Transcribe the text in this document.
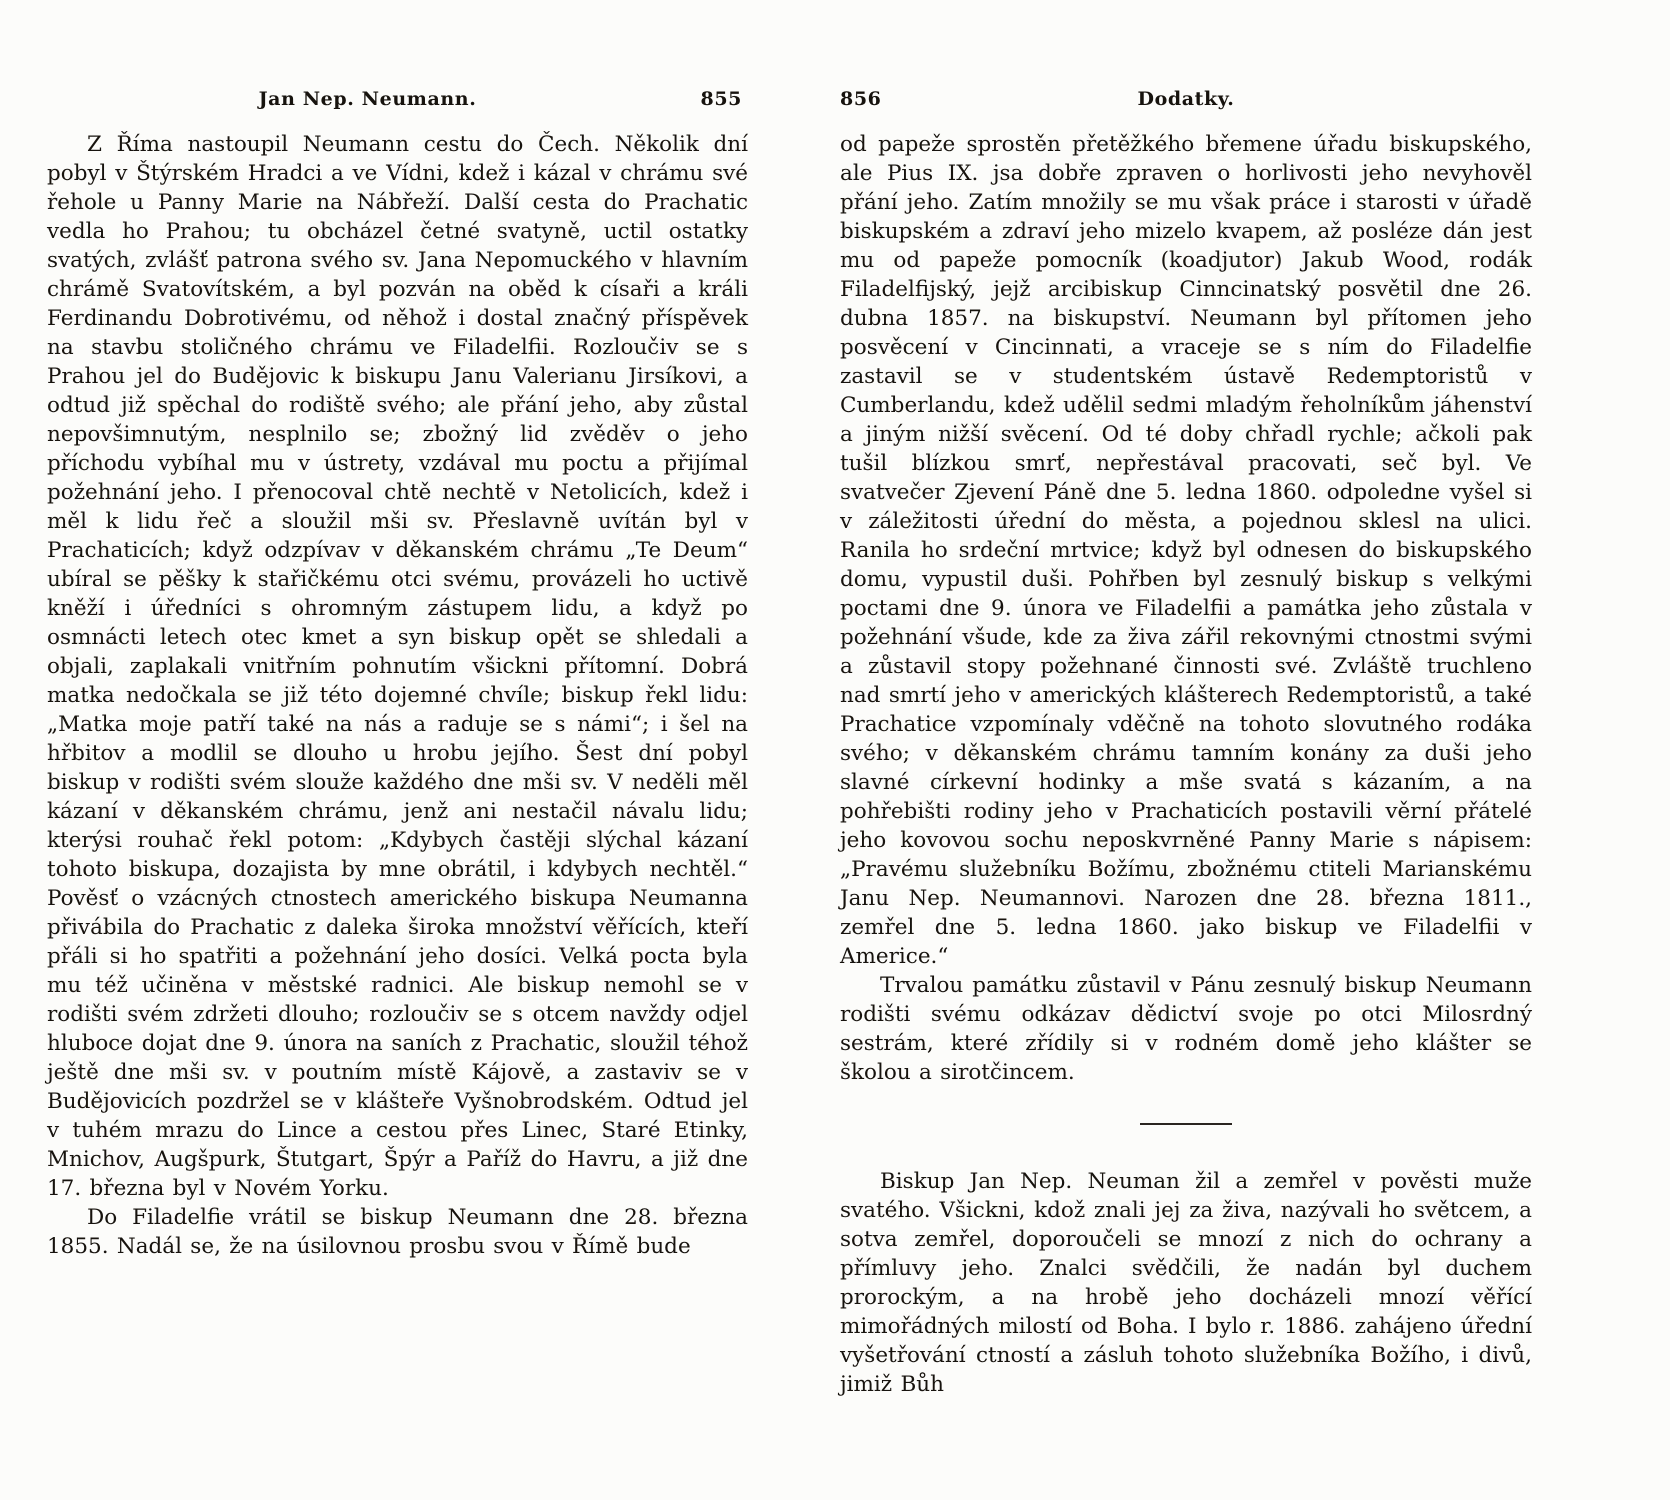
Jan Nep. Neumann.	855

Z Říma nastoupil Neumann cestu do Čech. Několik dní pobyl v Štýrském Hradci a ve Vídni, kdež i kázal v chrámu své řehole u Panny Marie na Nábřeží. Další cesta do Prachatic vedla ho Prahou; tu obcházel četné svatyně, uctil ostatky svatých, zvlášť patrona svého sv. Jana Nepomuckého v hlavním chrámě Svatovítském, a byl pozván na oběd k císaři a králi Ferdinandu Dobrotivému, od něhož i dostal značný příspěvek na stavbu stoličného chrámu ve Filadelfii. Rozloučiv se s Prahou jel do Budějovic k biskupu Janu Valerianu Jirsíkovi, a odtud již spěchal do rodiště svého; ale přání jeho, aby zůstal nepovšimnutým, nesplnilo se; zbožný lid zvěděv o jeho příchodu vybíhal mu v ústrety, vzdával mu poctu a přijímal požehnání jeho. I přenocoval chtě nechtě v Netolicích, kdež i měl k lidu řeč a sloužil mši sv. Přeslavně uvítán byl v Prachaticích; když odzpívav v děkanském chrámu „Te Deum“ ubíral se pěšky k stařičkému otci svému, provázeli ho uctivě kněží i úředníci s ohromným zástupem lidu, a když po osmnácti letech otec kmet a syn biskup opět se shledali a objali, zaplakali vnitřním pohnutím všickni přítomní. Dobrá matka nedočkala se již této dojemné chvíle; biskup řekl lidu: „Matka moje patří také na nás a raduje se s námi“; i šel na hřbitov a modlil se dlouho u hrobu jejího. Šest dní pobyl biskup v rodišti svém slouže každého dne mši sv. V neděli měl kázaní v děkanském chrámu, jenž ani nestačil návalu lidu; kterýsi rouhač řekl potom: „Kdybych častěji slýchal kázaní tohoto biskupa, dozajista by mne obrátil, i kdybych nechtěl.“ Pověsť o vzácných ctnostech amerického biskupa Neumanna přivábila do Prachatic z daleka široka množství věřících, kteří přáli si ho spatřiti a požehnání jeho dosíci. Velká pocta byla mu též učiněna v městské radnici. Ale biskup nemohl se v rodišti svém zdržeti dlouho; rozloučiv se s otcem navždy odjel hluboce dojat dne 9. února na saních z Prachatic, sloužil téhož ještě dne mši sv. v poutním místě Kájově, a zastaviv se v Budějovicích pozdržel se v klášteře Vyšnobrodském. Odtud jel v tuhém mrazu do Lince a cestou přes Linec, Staré Etinky, Mnichov, Augšpurk, Štutgart, Špýr a Paříž do Havru, a již dne 17. března byl v Novém Yorku.

Do Filadelfie vrátil se biskup Neumann dne 28. března 1855. Nadál se, že na úsilovnou prosbu svou v Římě bude

856	Dodatky.

od papeže sprostěn přetěžkého břemene úřadu biskupského, ale Pius IX. jsa dobře zpraven o horlivosti jeho nevyhověl přání jeho. Zatím množily se mu však práce i starosti v úřadě biskupském a zdraví jeho mizelo kvapem, až posléze dán jest mu od papeže pomocník (koadjutor) Jakub Wood, rodák Filadelfijský, jejž arcibiskup Cinncinatský posvětil dne 26. dubna 1857. na biskupství. Neumann byl přítomen jeho posvěcení v Cincinnati, a vraceje se s ním do Filadelfie zastavil se v studentském ústavě Redemptoristů v Cumberlandu, kdež udělil sedmi mladým řeholníkům jáhenství a jiným nižší svěcení. Od té doby chřadl rychle; ačkoli pak tušil blízkou smrť, nepřestával pracovati, seč byl. Ve svatvečer Zjevení Páně dne 5. ledna 1860. odpoledne vyšel si v záležitosti úřední do města, a pojednou sklesl na ulici. Ranila ho srdeční mrtvice; když byl odnesen do biskupského domu, vypustil duši. Pohřben byl zesnulý biskup s velkými poctami dne 9. února ve Filadelfii a památka jeho zůstala v požehnání všude, kde za živa zářil rekovnými ctnostmi svými a zůstavil stopy požehnané činnosti své. Zvláště truchleno nad smrtí jeho v amerických klášterech Redemptoristů, a také Prachatice vzpomínaly vděčně na tohoto slovutného rodáka svého; v děkanském chrámu tamním konány za duši jeho slavné církevní hodinky a mše svatá s kázaním, a na pohřebišti rodiny jeho v Prachaticích postavili věrní přátelé jeho kovovou sochu neposkvrněné Panny Marie s nápisem: „Pravému služebníku Božímu, zbožnému ctiteli Marianskému Janu Nep. Neumannovi. Narozen dne 28. března 1811., zemřel dne 5. ledna 1860. jako biskup ve Filadelfii v Americe.“

Trvalou památku zůstavil v Pánu zesnulý biskup Neumann rodišti svému odkázav dědictví svoje po otci Milosrdný sestrám, které zřídily si v rodném domě jeho klášter se školou a sirotčincem.

Biskup Jan Nep. Neuman žil a zemřel v pověsti muže svatého. Všickni, kdož znali jej za živa, nazývali ho světcem, a sotva zemřel, doporoučeli se mnozí z nich do ochrany a přímluvy jeho. Znalci svědčili, že nadán byl duchem prorockým, a na hrobě jeho docházeli mnozí věřící mimořádných milostí od Boha. I bylo r. 1886. zahájeno úřední vyšetřování ctností a zásluh tohoto služebníka Božího, i divů, jimiž Bůh
